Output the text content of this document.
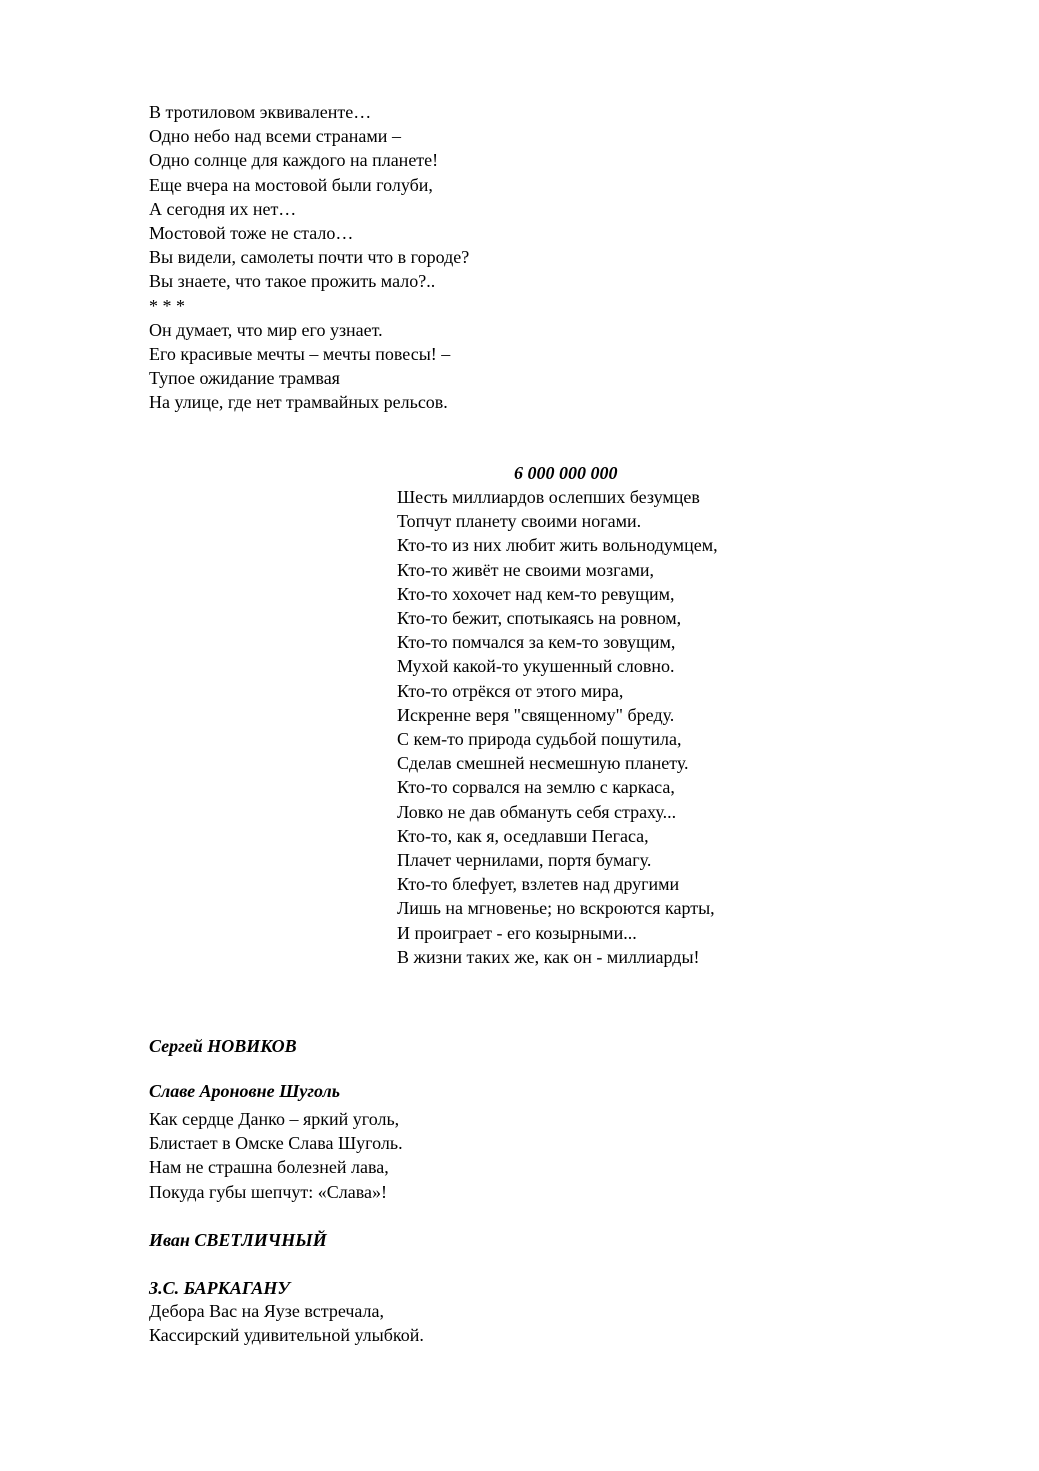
В тротиловом эквиваленте…
Одно небо над всеми странами –
Одно солнце для каждого на планете!
Еще вчера на мостовой были голуби,
А сегодня их нет…
Мостовой тоже не стало…
Вы видели, самолеты почти что в городе?
Вы знаете, что такое прожить мало?..
* * *
Он думает, что мир его узнает.
Его красивые мечты – мечты повесы! –
Тупое ожидание трамвая
На улице, где нет трамвайных рельсов.
6 000 000 000
Шесть миллиардов ослепших безумцев
Топчут планету своими ногами.
Кто-то из них любит жить вольнодумцем,
Кто-то живёт не своими мозгами,
Кто-то хохочет над кем-то ревущим,
Кто-то бежит, спотыкаясь на ровном,
Кто-то помчался за кем-то зовущим,
Мухой какой-то укушенный словно.
Кто-то отрёкся от этого мира,
Искренне веря "священному" бреду.
С кем-то природа судьбой пошутила,
Сделав смешней несмешную планету.
Кто-то сорвался на землю с каркаса,
Ловко не дав обмануть себя страху...
Кто-то, как я, оседлавши Пегаса,
Плачет чернилами, портя бумагу.
Кто-то блефует, взлетев над другими
Лишь на мгновенье; но вскроются карты,
И проиграет - его козырными...
В жизни таких же, как он - миллиарды!
Сергей НОВИКОВ
Славе Ароновне Шуголь
Как сердце Данко – яркий уголь,
Блистает в Омске Слава Шуголь.
Нам не страшна болезней лава,
Покуда губы шепчут: «Слава»!
Иван СВЕТЛИЧНЫЙ
З.С. БАРКАГАНУ
Дебора Вас на Яузе встречала,
Кассирский удивительной улыбкой.
